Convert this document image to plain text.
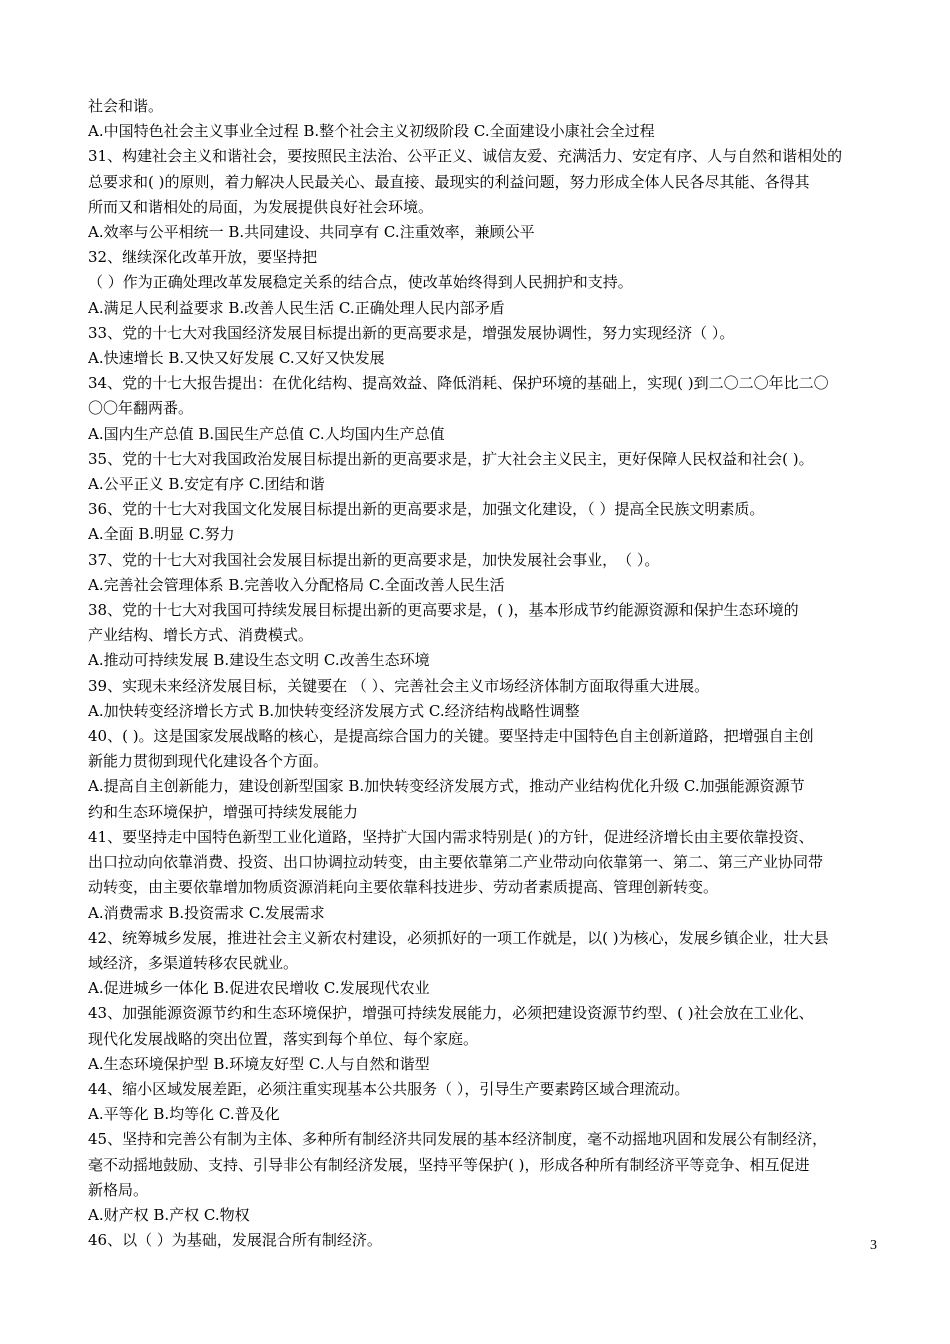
社会和谐。
A.中国特色社会主义事业全过程 B.整个社会主义初级阶段 C.全面建设小康社会全过程
31、构建社会主义和谐社会，要按照民主法治、公平正义、诚信友爱、充满活力、安定有序、人与自然和谐相处的
总要求和( )的原则，着力解决人民最关心、最直接、最现实的利益问题，努力形成全体人民各尽其能、各得其
所而又和谐相处的局面，为发展提供良好社会环境。
A.效率与公平相统一 B.共同建设、共同享有 C.注重效率，兼顾公平
32、继续深化改革开放，要坚持把
（ ）作为正确处理改革发展稳定关系的结合点，使改革始终得到人民拥护和支持。
A.满足人民利益要求 B.改善人民生活 C.正确处理人民内部矛盾
33、党的十七大对我国经济发展目标提出新的更高要求是，增强发展协调性，努力实现经济（ ）。
A.快速增长 B.又快又好发展 C.又好又快发展
34、党的十七大报告提出：在优化结构、提高效益、降低消耗、保护环境的基础上，实现( )到二〇二〇年比二〇
〇〇年翻两番。
A.国内生产总值 B.国民生产总值 C.人均国内生产总值
35、党的十七大对我国政治发展目标提出新的更高要求是，扩大社会主义民主，更好保障人民权益和社会( )。
A.公平正义 B.安定有序 C.团结和谐
36、党的十七大对我国文化发展目标提出新的更高要求是，加强文化建设，（ ）提高全民族文明素质。
A.全面 B.明显 C.努力
37、党的十七大对我国社会发展目标提出新的更高要求是，加快发展社会事业，　（ ）。
A.完善社会管理体系 B.完善收入分配格局 C.全面改善人民生活
38、党的十七大对我国可持续发展目标提出新的更高要求是，( )，基本形成节约能源资源和保护生态环境的
产业结构、增长方式、消费模式。
A.推动可持续发展 B.建设生态文明 C.改善生态环境
39、实现未来经济发展目标，关键要在 （ ）、完善社会主义市场经济体制方面取得重大进展。
A.加快转变经济增长方式 B.加快转变经济发展方式 C.经济结构战略性调整
40、( )。这是国家发展战略的核心，是提高综合国力的关键。要坚持走中国特色自主创新道路，把增强自主创
新能力贯彻到现代化建设各个方面。
A.提高自主创新能力，建设创新型国家 B.加快转变经济发展方式，推动产业结构优化升级 C.加强能源资源节
约和生态环境保护，增强可持续发展能力
41、要坚持走中国特色新型工业化道路，坚持扩大国内需求特别是( )的方针，促进经济增长由主要依靠投资、
出口拉动向依靠消费、投资、出口协调拉动转变，由主要依靠第二产业带动向依靠第一、第二、第三产业协同带
动转变，由主要依靠增加物质资源消耗向主要依靠科技进步、劳动者素质提高、管理创新转变。
A.消费需求 B.投资需求 C.发展需求
42、统筹城乡发展，推进社会主义新农村建设，必须抓好的一项工作就是，以( )为核心，发展乡镇企业，壮大县
域经济，多渠道转移农民就业。
A.促进城乡一体化 B.促进农民增收 C.发展现代农业
43、加强能源资源节约和生态环境保护，增强可持续发展能力，必须把建设资源节约型、( )社会放在工业化、
现代化发展战略的突出位置，落实到每个单位、每个家庭。
A.生态环境保护型 B.环境友好型 C.人与自然和谐型
44、缩小区域发展差距，必须注重实现基本公共服务（ ），引导生产要素跨区域合理流动。
A.平等化 B.均等化 C.普及化
45、坚持和完善公有制为主体、多种所有制经济共同发展的基本经济制度，毫不动摇地巩固和发展公有制经济，
毫不动摇地鼓励、支持、引导非公有制经济发展，坚持平等保护( )，形成各种所有制经济平等竞争、相互促进
新格局。
A.财产权 B.产权 C.物权
46、以（ ）为基础，发展混合所有制经济。	3
